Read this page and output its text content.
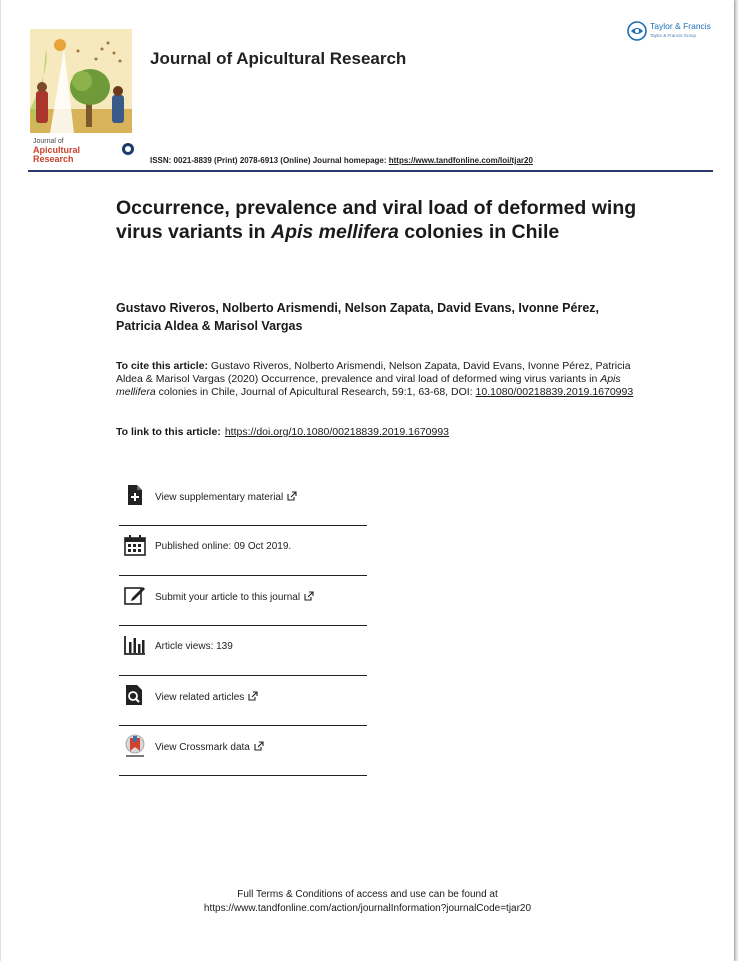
Journal of
Apicultural
Research
Journal of Apicultural Research
Taylor & Francis
Taylor & Francis Group
ISSN: 0021-8839 (Print) 2078-6913 (Online) Journal homepage: https://www.tandfonline.com/loi/tjar20
Occurrence, prevalence and viral load of deformed wing virus variants in Apis mellifera colonies in Chile
Gustavo Riveros, Nolberto Arismendi, Nelson Zapata, David Evans, Ivonne Pérez, Patricia Aldea & Marisol Vargas
To cite this article: Gustavo Riveros, Nolberto Arismendi, Nelson Zapata, David Evans, Ivonne Pérez, Patricia Aldea & Marisol Vargas (2020) Occurrence, prevalence and viral load of deformed wing virus variants in Apis mellifera colonies in Chile, Journal of Apicultural Research, 59:1, 63-68, DOI: 10.1080/00218839.2019.1670993
To link to this article: https://doi.org/10.1080/00218839.2019.1670993
View supplementary material
Published online: 09 Oct 2019.
Submit your article to this journal
Article views: 139
View related articles
View Crossmark data
Full Terms & Conditions of access and use can be found at
https://www.tandfonline.com/action/journalInformation?journalCode=tjar20
